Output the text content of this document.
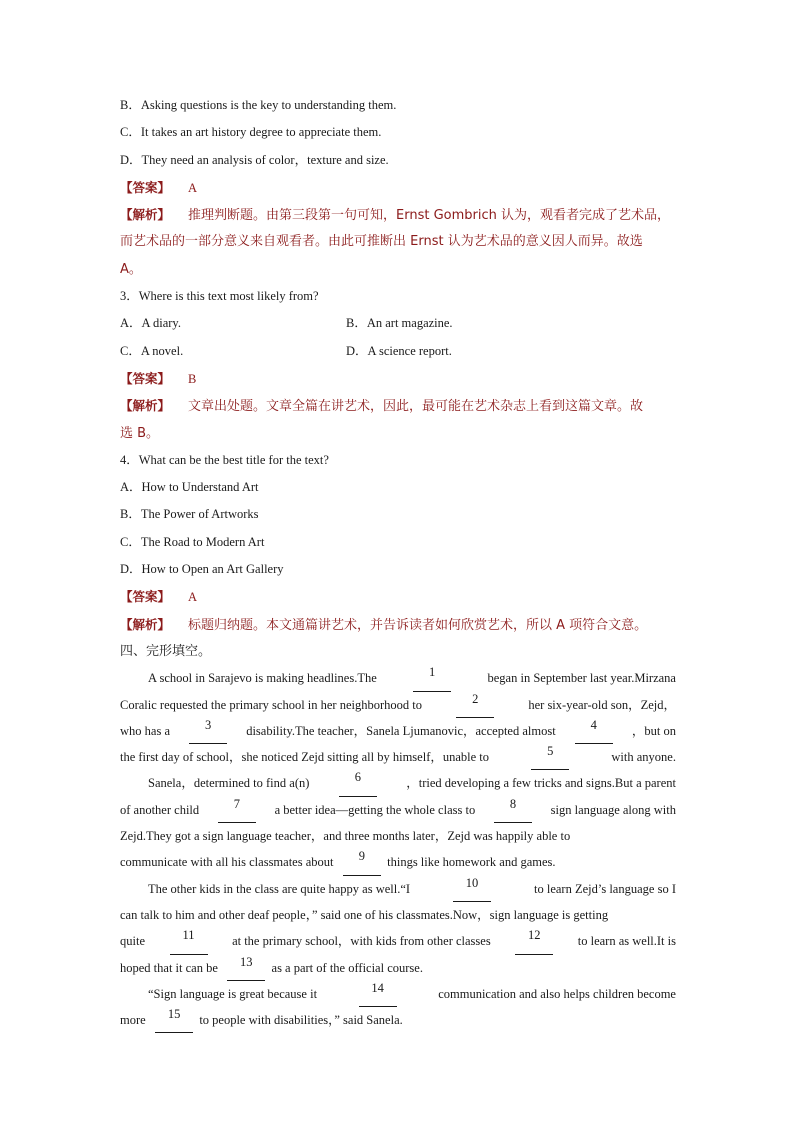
B．Asking questions is the key to understanding them.
C．It takes an art history degree to appreciate them.
D．They need an analysis of color，texture and size.
【答案】 A
【解析】 推理判断题。由第三段第一句可知，Ernst Gombrich 认为，观看者完成了艺术品，
而艺术品的一部分意义来自观看者。由此可推断出 Ernst 认为艺术品的意义因人而异。故选
A。
3．Where is this text most likely from?
A．A diary.	B．An art magazine.
C．A novel.	D．A science report.
【答案】 B
【解析】 文章出处题。文章全篇在讲艺术，因此，最可能在艺术杂志上看到这篇文章。故
选 B。
4．What can be the best title for the text?
A．How to Understand Art
B．The Power of Artworks
C．The Road to Modern Art
D．How to Open an Art Gallery
【答案】 A
【解析】 标题归纳题。本文通篇讲艺术，并告诉读者如何欣赏艺术，所以 A 项符合文意。
四、完形填空。
A school in Sarajevo is making headlines.The	1	began in September last year.Mirzana
Coralic requested the primary school in her neighborhood to	2	her six-year-old son，Zejd，
who has a	3	disability.The teacher，Sanela Ljumanovic，accepted almost	4	，but on
the first day of school，she noticed Zejd sitting all by himself，unable to	5	with anyone.
Sanela，determined to find a(n)	6	，tried developing a few tricks and signs.But a parent
of another child	7	a better idea—getting the whole class to	8	sign language along with
Zejd.They got a sign language teacher，and three months later，Zejd was happily able to
communicate with all his classmates about
	9
	things like homework and games.
The other kids in the class are quite happy as well.“I	10	to learn Zejd’s language so I
can talk to him and other deaf people，” said one of his classmates.Now，sign language is getting
quite	11	at the primary school，with kids from other classes	12	to learn as well.It is
hoped that it can be
	13
	as a part of the official course.
“Sign language is great because it	14	communication and also helps children become
more
	15
	to people with disabilities，” said Sanela.
